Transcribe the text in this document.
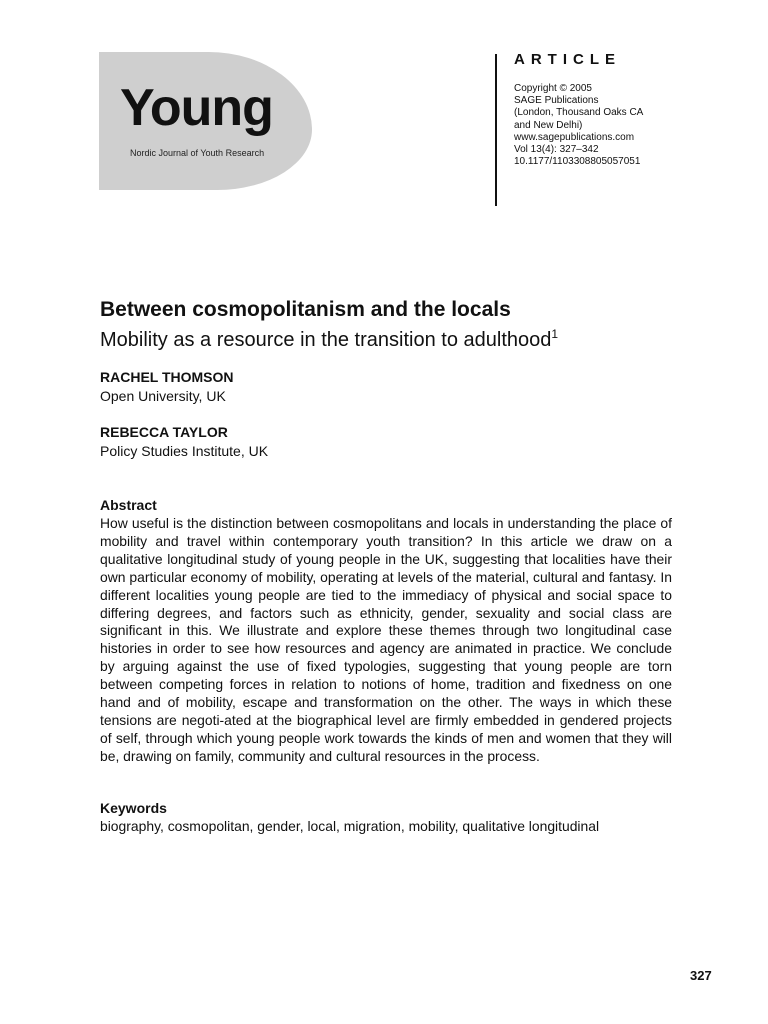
Young
Nordic Journal of Youth Research
ARTICLE
Copyright © 2005
SAGE Publications
(London, Thousand Oaks CA
and New Delhi)
www.sagepublications.com
Vol 13(4): 327–342
10.1177/1103308805057051
Between cosmopolitanism and the locals
Mobility as a resource in the transition to adulthood$^1$
RACHEL THOMSON
Open University, UK
REBECCA TAYLOR
Policy Studies Institute, UK
Abstract

How useful is the distinction between cosmopolitans and locals in understanding the place of mobility and travel within contemporary youth transition? In this article we draw on a qualitative longitudinal study of young people in the UK, suggesting that localities have their own particular economy of mobility, operating at levels of the material, cultural and fantasy. In different localities young people are tied to the immediacy of physical and social space to differing degrees, and factors such as ethnicity, gender, sexuality and social class are significant in this. We illustrate and explore these themes through two longitudinal case histories in order to see how resources and agency are animated in practice. We conclude by arguing against the use of fixed typologies, suggesting that young people are torn between competing forces in relation to notions of home, tradition and fixedness on one hand and of mobility, escape and transformation on the other. The ways in which these tensions are negoti-ated at the biographical level are firmly embedded in gendered projects of self, through which young people work towards the kinds of men and women that they will be, drawing on family, community and cultural resources in the process.

Keywords
biography, cosmopolitan, gender, local, migration, mobility, qualitative longitudinal
327
